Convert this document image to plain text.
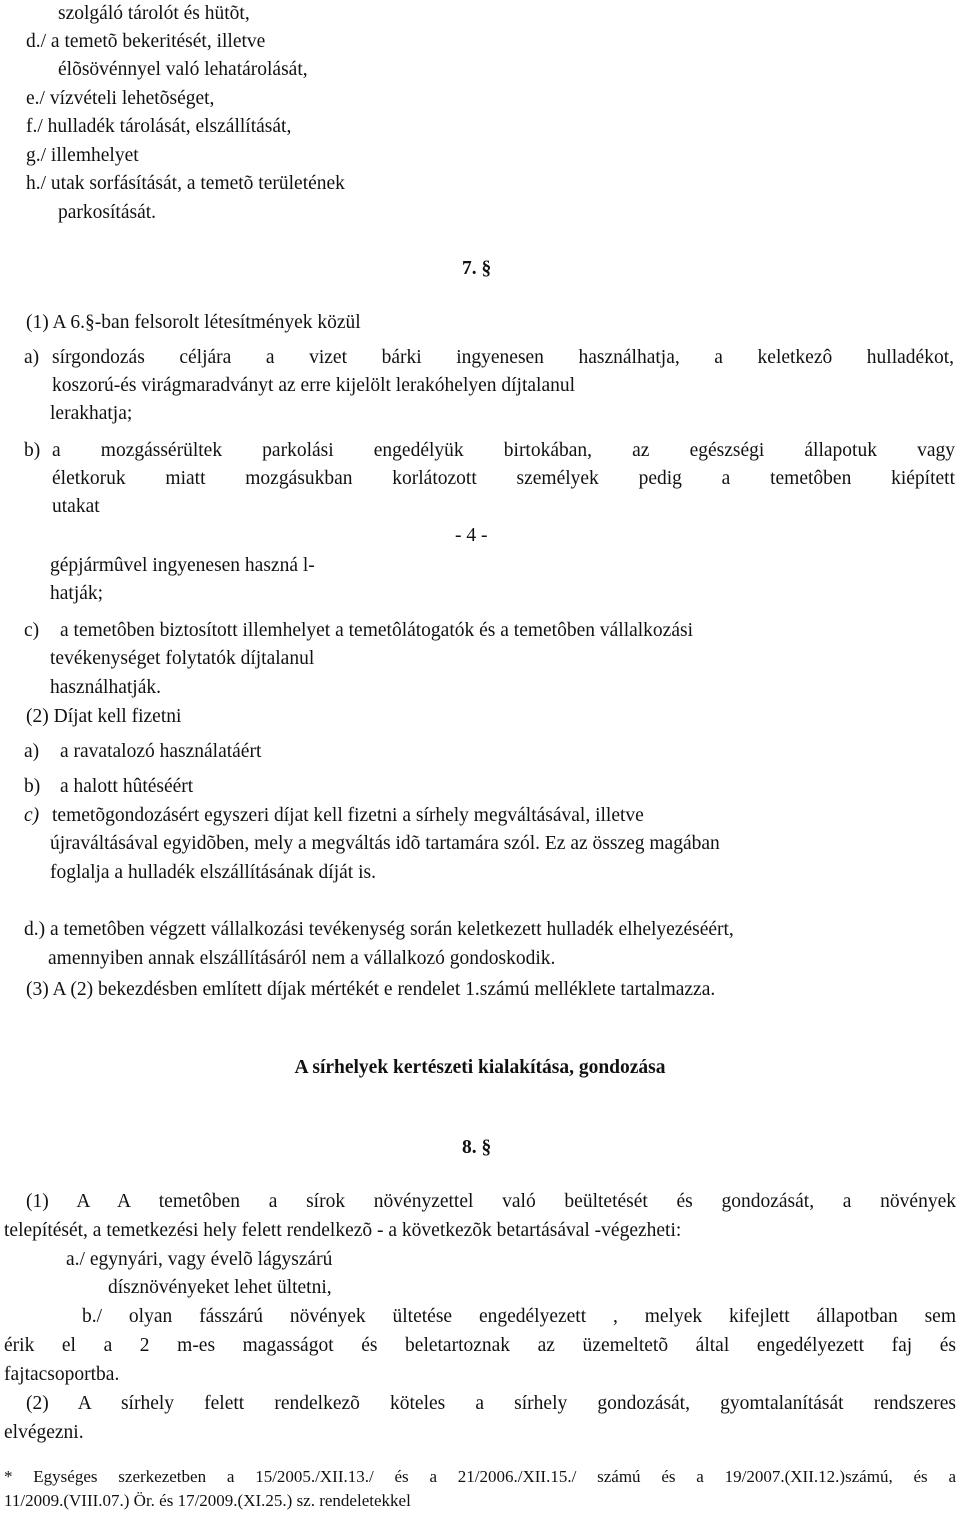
szolgáló tárolót és hütõt,
d./ a temetõ bekeritését, illetve
élõsövénnyel való lehatárolását,
e./ vízvételi lehetõséget,
f./ hulladék tárolását, elszállítását,
g./ illemhelyet
h./ utak sorfásítását, a temetõ területének
parkosítását.
7. §
(1) A 6.§-ban felsorolt létesítmények közül
a) sírgondozás céljára a vizet bárki ingyenesen használhatja, a keletkezô hulladékot,
koszorú-és virágmaradványt az erre kijelölt lerakóhelyen díjtalanul
lerakhatja;
b) a mozgássérültek parkolási engedélyük birtokában, az egészségi állapotuk vagy
életkoruk miatt mozgásukban korlátozott személyek pedig a temetôben kiépített
utakat
- 4 -
gépjármûvel ingyenesen haszná l-
hatják;
c) a temetôben biztosított illemhelyet a temetôlátogatók és a temetôben vállalkozási
tevékenységet folytatók díjtalanul
használhatják.
(2) Díjat kell fizetni
a) a ravatalozó használatáért
b) a halott hûtéséért
c) temetõgondozásért egyszeri díjat kell fizetni a sírhely megváltásával, illetve
újraváltásával egyidõben, mely a megváltás idõ tartamára szól. Ez az összeg magában
foglalja a hulladék elszállításának díját is.
d.) a temetôben végzett vállalkozási tevékenység során keletkezett hulladék elhelyezéséért,
amennyiben annak elszállításáról nem a vállalkozó gondoskodik.
(3) A (2) bekezdésben említett díjak mértékét e rendelet 1.számú melléklete tartalmazza.
A sírhelyek kertészeti kialakítása, gondozása
8. §
(1) A A temetôben a sírok növényzettel való beültetését és gondozását, a növények
telepítését, a temetkezési hely felett rendelkezõ - a következõk betartásával -végezheti:
a./ egynyári, vagy évelõ lágyszárú
dísznövényeket lehet ültetni,
b./ olyan fásszárú növények ültetése engedélyezett , melyek kifejlett állapotban sem
érik el a 2 m-es magasságot és beletartoznak az üzemeltetõ által engedélyezett faj és
fajtacsoportba.
(2) A sírhely felett rendelkezõ köteles a sírhely gondozását, gyomtalanítását rendszeres
elvégezni.
* Egységes szerkezetben a 15/2005./XII.13./ és a 21/2006./XII.15./ számú és a 19/2007.(XII.12.)számú, és a
11/2009.(VIII.07.) Ör. és 17/2009.(XI.25.) sz. rendeletekkel
